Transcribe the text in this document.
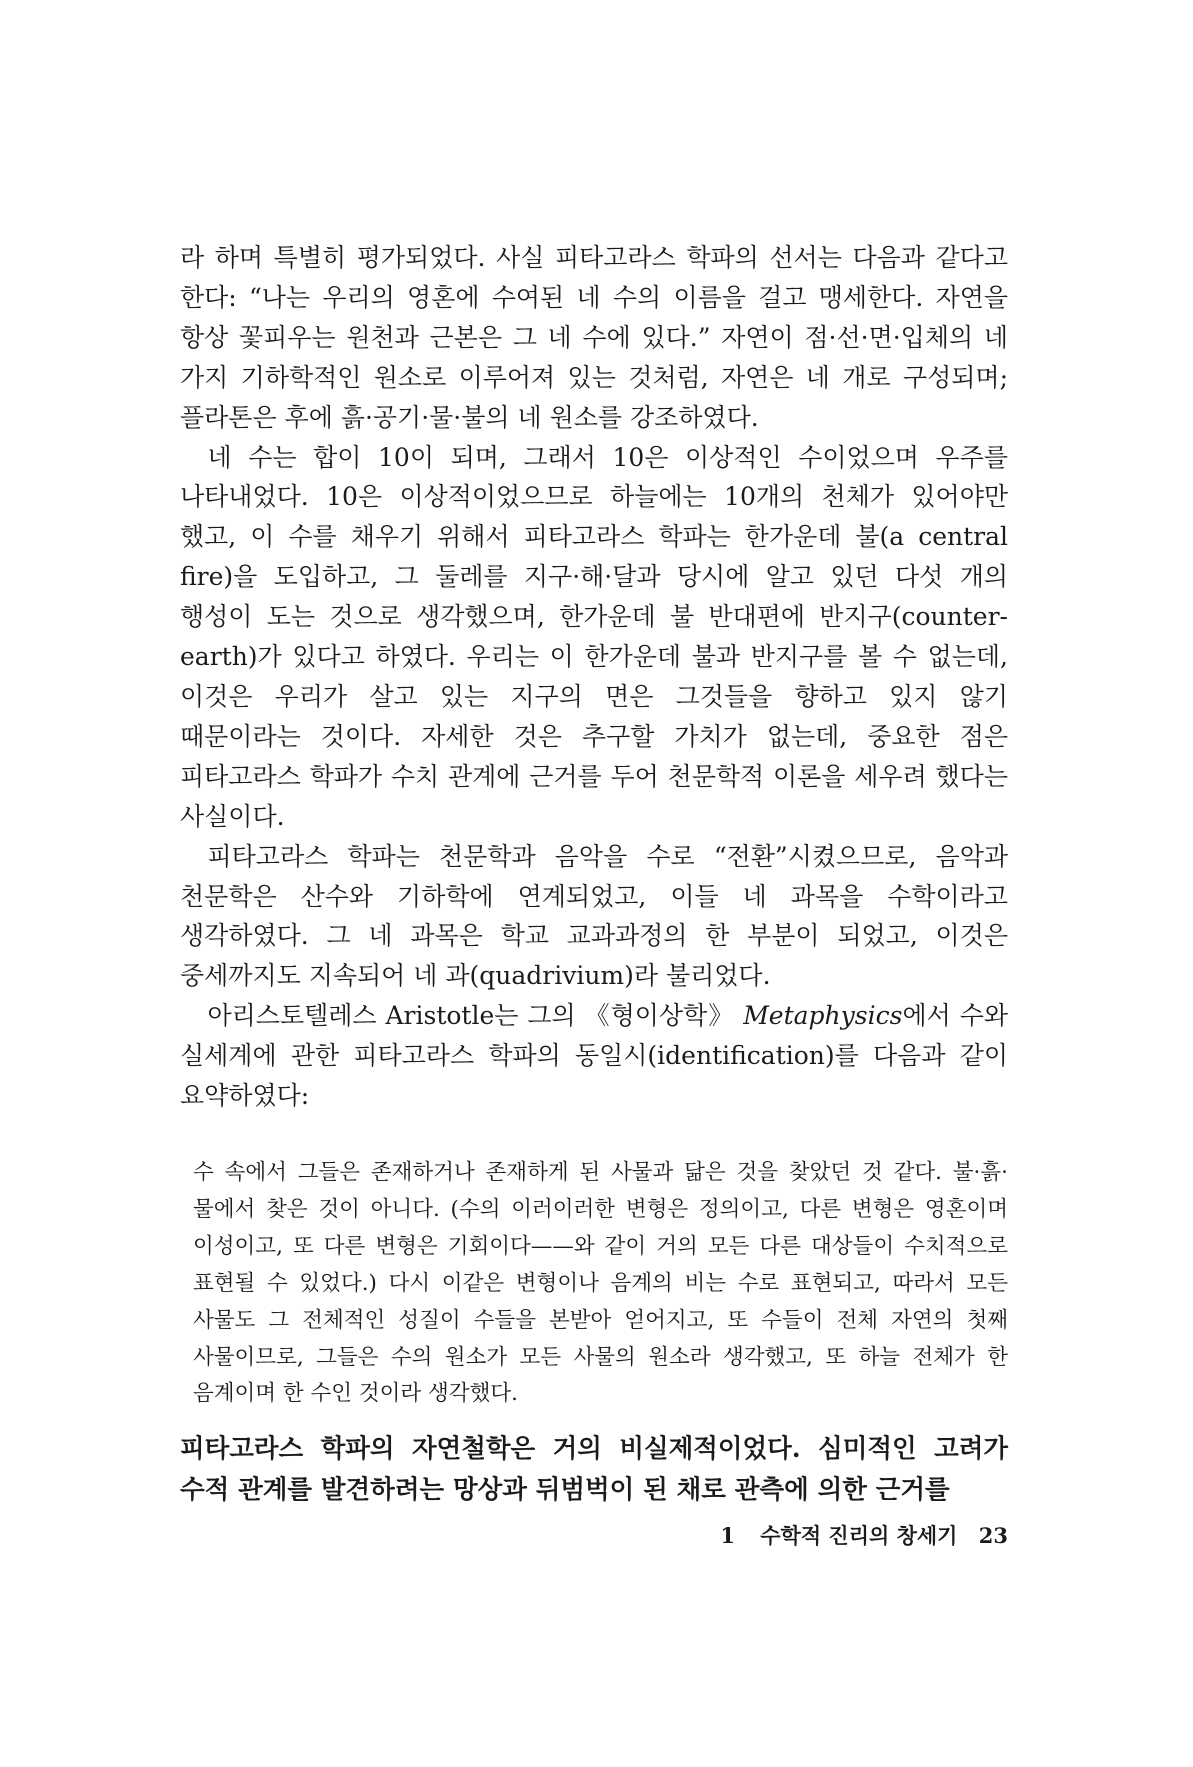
라 하며 특별히 평가되었다. 사실 피타고라스 학파의 선서는 다음과 같다고 한다: “나는 우리의 영혼에 수여된 네 수의 이름을 걸고 맹세한다. 자연을 항상 꽃피우는 원천과 근본은 그 네 수에 있다.” 자연이 점·선·면·입체의 네 가지 기하학적인 원소로 이루어져 있는 것처럼, 자연은 네 개로 구성되며; 플라톤은 후에 흙·공기·물·불의 네 원소를 강조하였다.

네 수는 합이 10이 되며, 그래서 10은 이상적인 수이었으며 우주를 나타내었다. 10은 이상적이었으므로 하늘에는 10개의 천체가 있어야만 했고, 이 수를 채우기 위해서 피타고라스 학파는 한가운데 불(a central fire)을 도입하고, 그 둘레를 지구·해·달과 당시에 알고 있던 다섯 개의 행성이 도는 것으로 생각했으며, 한가운데 불 반대편에 반지구(counter-earth)가 있다고 하였다. 우리는 이 한가운데 불과 반지구를 볼 수 없는데, 이것은 우리가 살고 있는 지구의 면은 그것들을 향하고 있지 않기 때문이라는 것이다. 자세한 것은 추구할 가치가 없는데, 중요한 점은 피타고라스 학파가 수치 관계에 근거를 두어 천문학적 이론을 세우려 했다는 사실이다.

피타고라스 학파는 천문학과 음악을 수로 “전환”시켰으므로, 음악과 천문학은 산수와 기하학에 연계되었고, 이들 네 과목을 수학이라고 생각하였다. 그 네 과목은 학교 교과과정의 한 부분이 되었고, 이것은 중세까지도 지속되어 네 과(quadrivium)라 불리었다.

아리스토텔레스 Aristotle는 그의 《형이상학》 Metaphysics에서 수와 실세계에 관한 피타고라스 학파의 동일시(identification)를 다음과 같이 요약하였다:

수 속에서 그들은 존재하거나 존재하게 된 사물과 닮은 것을 찾았던 것 같다. 불·흙·물에서 찾은 것이 아니다. (수의 이러이러한 변형은 정의이고, 다른 변형은 영혼이며 이성이고, 또 다른 변형은 기회이다——와 같이 거의 모든 다른 대상들이 수치적으로 표현될 수 있었다.) 다시 이같은 변형이나 음계의 비는 수로 표현되고, 따라서 모든 사물도 그 전체적인 성질이 수들을 본받아 얻어지고, 또 수들이 전체 자연의 첫째 사물이므로, 그들은 수의 원소가 모든 사물의 원소라 생각했고, 또 하늘 전체가 한 음계이며 한 수인 것이라 생각했다.

피타고라스 학파의 자연철학은 거의 비실제적이었다. 심미적인 고려가 수적 관계를 발견하려는 망상과 뒤범벅이 된 채로 관측에 의한 근거를

1 수학적 진리의 창세기 23
